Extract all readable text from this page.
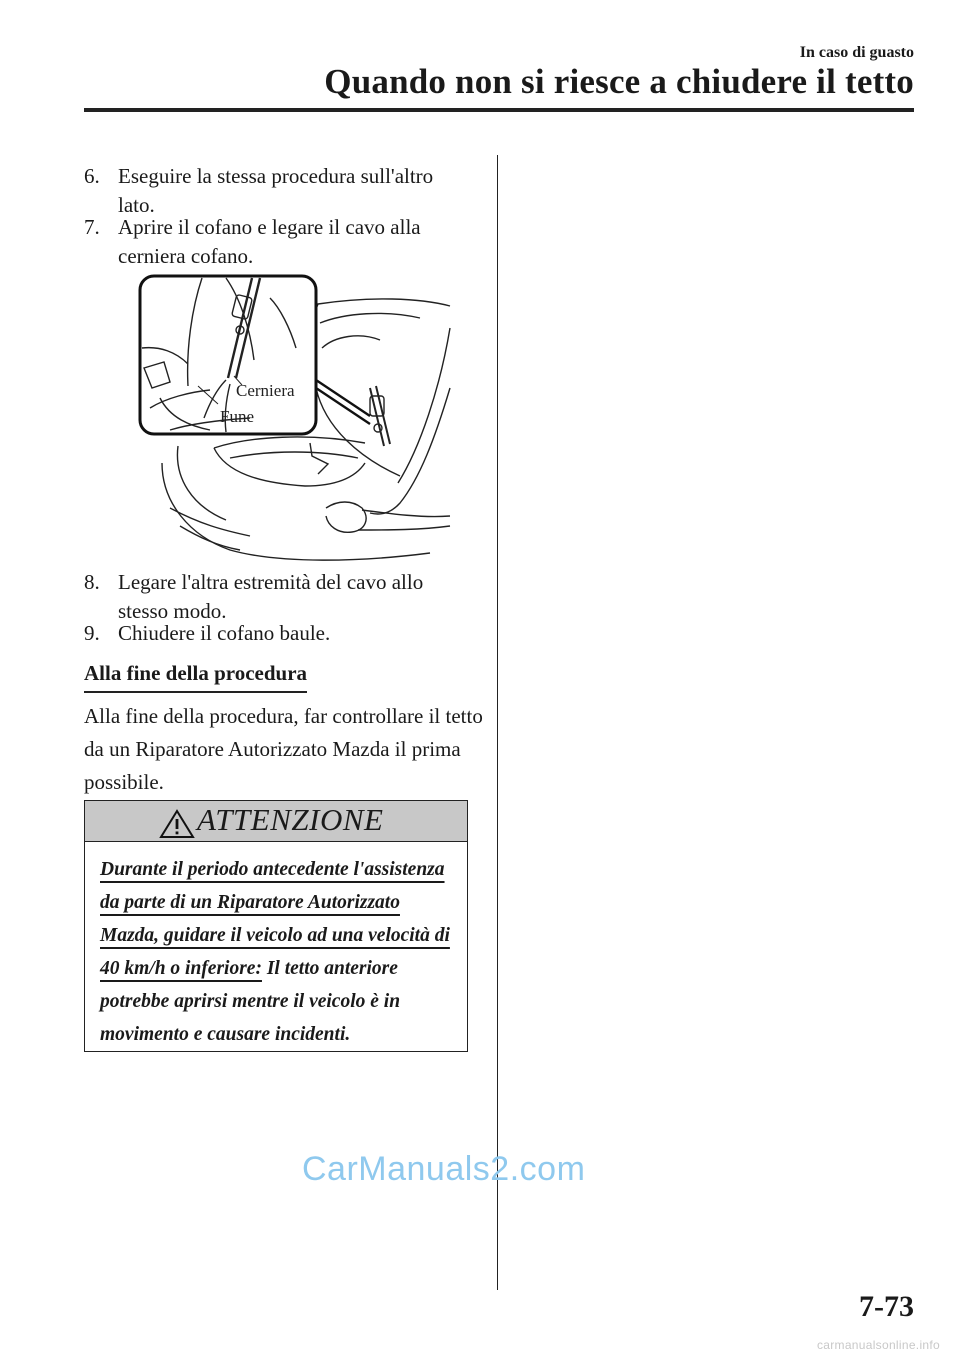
In caso di guasto
Quando non si riesce a chiudere il tetto
6. Eseguire la stessa procedura sull'altro lato.
7. Aprire il cofano e legare il cavo alla cerniera cofano.
Cerniera
Fune
8. Legare l'altra estremità del cavo allo stesso modo.
9. Chiudere il cofano baule.
Alla fine della procedura
Alla fine della procedura, far controllare il tetto da un Riparatore Autorizzato Mazda il prima possibile.
ATTENZIONE
Durante il periodo antecedente l'assistenza da parte di un Riparatore Autorizzato Mazda, guidare il veicolo ad una velocità di 40 km/h o inferiore: Il tetto anteriore potrebbe aprirsi mentre il veicolo è in movimento e causare incidenti.
CarManuals2.com
7-73
carmanualsonline.info
